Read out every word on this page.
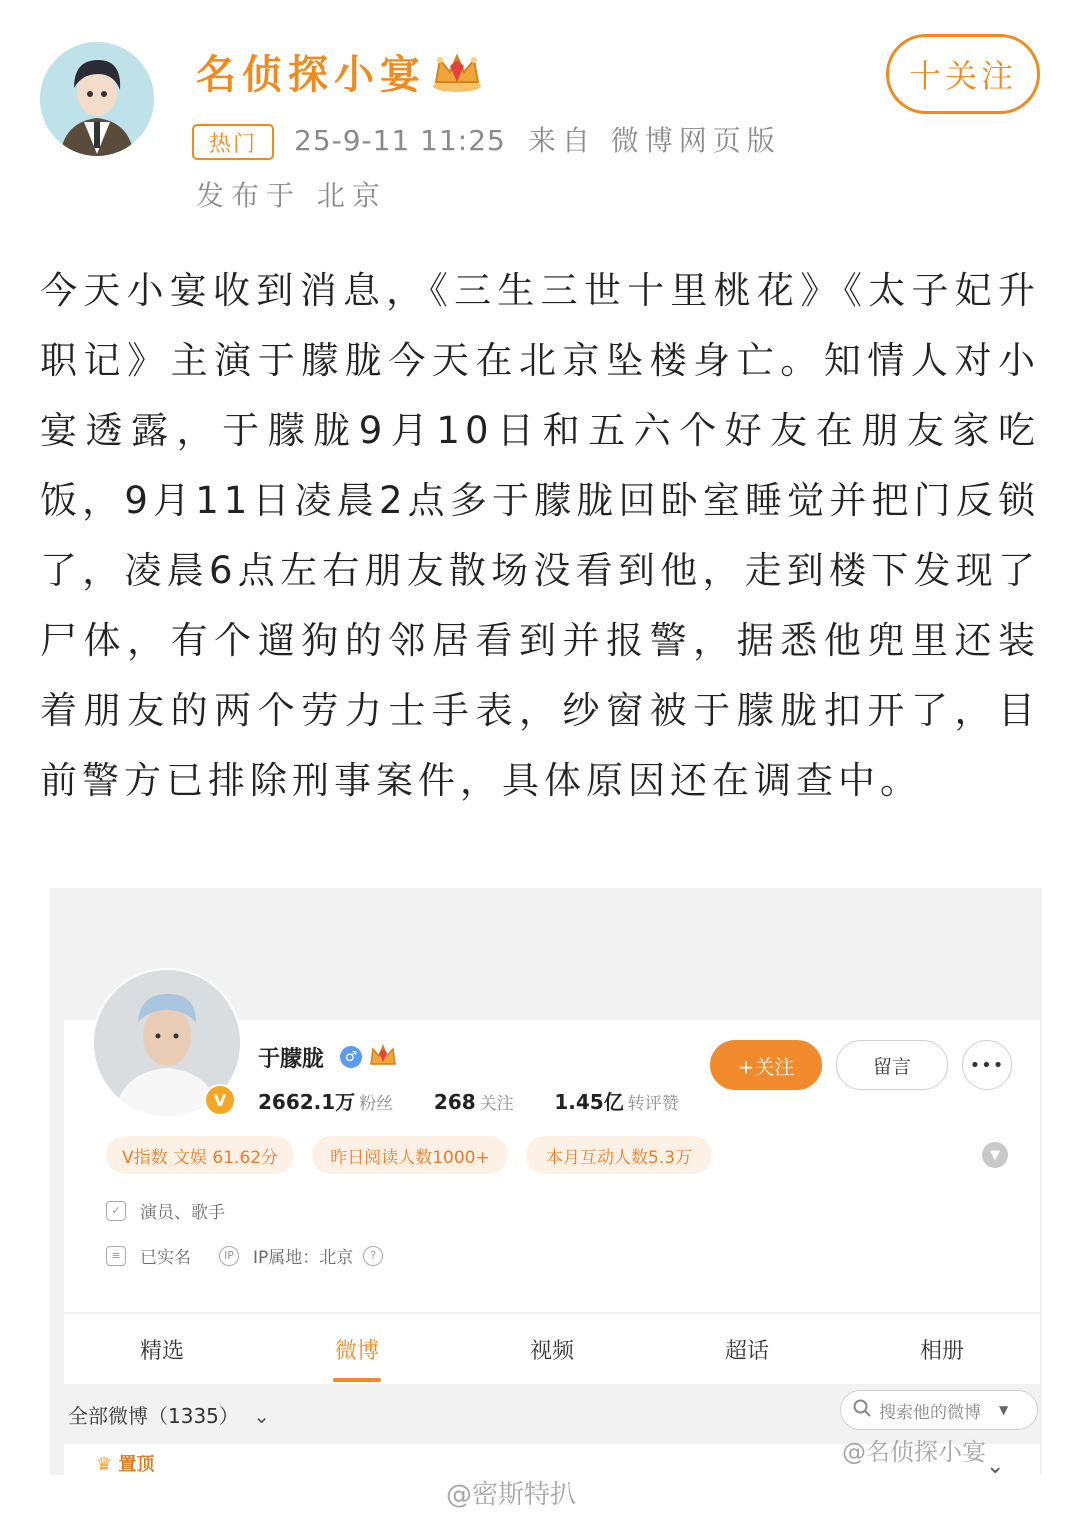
名侦探小宴	十关注
热门	25-9-11 11:25 来自 微博网页版
发布于 北京
今天小宴收到消息，《三生三世十里桃花》《太子妃升职记》主演于朦胧今天在北京坠楼身亡。知情人对小宴透露，于朦胧9月10日和五六个好友在朋友家吃饭，9月11日凌晨2点多于朦胧回卧室睡觉并把门反锁了，凌晨6点左右朋友散场没看到他，走到楼下发现了尸体，有个遛狗的邻居看到并报警，据悉他兜里还装着朋友的两个劳力士手表，纱窗被于朦胧扣开了，目前警方已排除刑事案件，具体原因还在调查中。
V
于朦胧	♂
2662.1万 粉丝 268 关注 1.45亿 转评赞
+关注	留言	•••
V指数 文娱 61.62分	昨日阅读人数1000+	本月互动人数5.3万	▼
✓	演员、歌手
≡	已实名	IP IP属地：北京	?
精选	微博	视频	超话	相册
全部微博（1335） ⌄	搜索他的微博 ▼
♛ 置顶	⌄
@名侦探小宴
@密斯特扒
